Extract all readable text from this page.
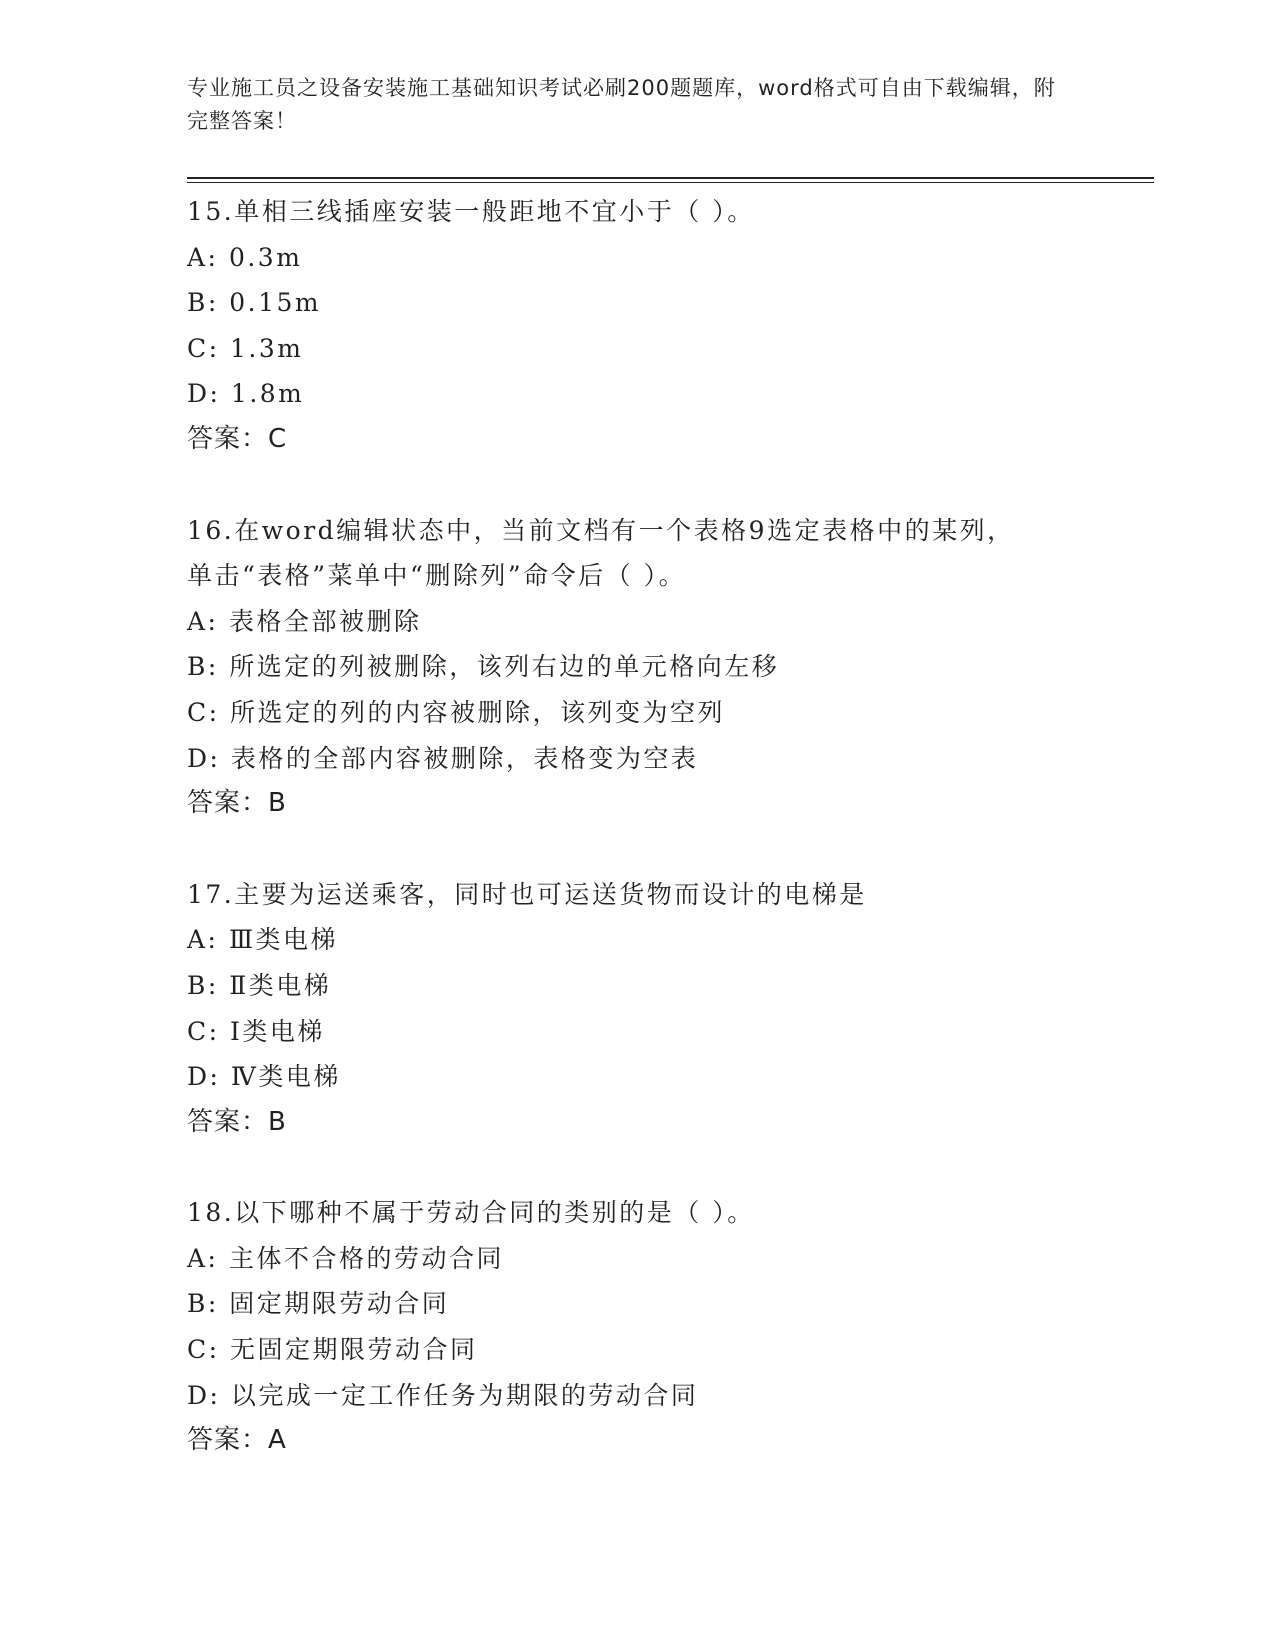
专业施工员之设备安装施工基础知识考试必刷200题题库，word格式可自由下载编辑，附完整答案！
15.单相三线插座安装一般距地不宜小于（ ）。
A: 0.3m
B: 0.15m
C: 1.3m
D: 1.8m
答案：C
16.在word编辑状态中，当前文档有一个表格9选定表格中的某列，
单击“表格”菜单中“删除列”命令后（ ）。
A: 表格全部被删除
B: 所选定的列被删除，该列右边的单元格向左移
C: 所选定的列的内容被删除，该列变为空列
D: 表格的全部内容被删除，表格变为空表
答案：B
17.主要为运送乘客，同时也可运送货物而设计的电梯是
A: Ⅲ类电梯
B: Ⅱ类电梯
C: Ⅰ类电梯
D: Ⅳ类电梯
答案：B
18.以下哪种不属于劳动合同的类别的是（ ）。
A: 主体不合格的劳动合同
B: 固定期限劳动合同
C: 无固定期限劳动合同
D: 以完成一定工作任务为期限的劳动合同
答案：A
